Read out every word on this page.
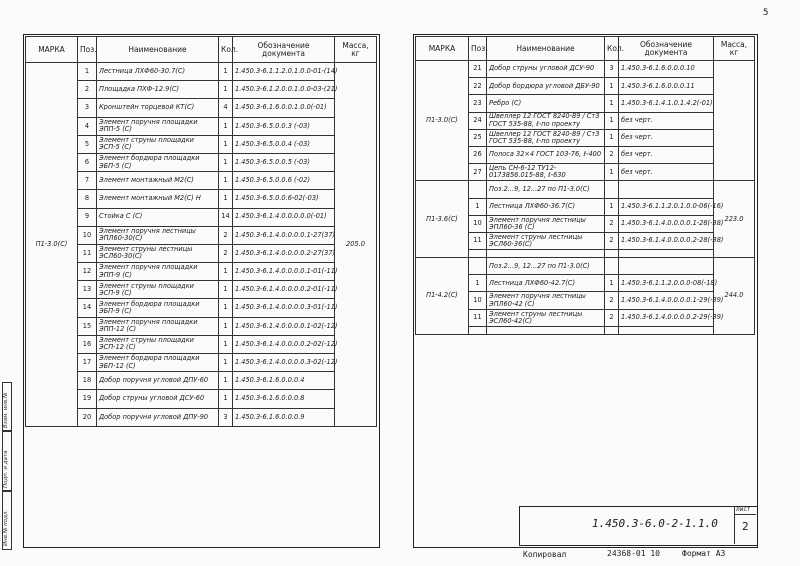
5
Взам. инв.№
Подп. и дата
Инв.№ подл.
МАРКА	Поз.	Наименование	Кол.	Обозначение документа	Масса, кг
П1-3.0(С)	1	Лестница ЛХФ60-30.7(С)	1	1.450.3-6.1.1.2.0.1.0.0-01-(14)	205.0
	2	Площадка ПХФ-12.9(С)	1	1.450.3-6.1.2.0.0.1.0.0-03-(21)	
	3	Кронштейн торцевой КТ(С)	4	1.450.3-6.1.6.0.0.1.0.0(-01)	
	4	Элемент поручня площадки ЭПП-5 (С)	1	1.450.3-6.5.0.0.3 (-03)	
	5	Элемент струны площадки ЭСП-5 (С)	1	1.450.3-6.5.0.0.4 (-03)	
	6	Элемент бордюра площадки ЭБП-5 (С)	1	1.450.3-6.5.0.0.5 (-03)	
	7	Элемент монтажный М2(С)	1	1.450.3-6.5.0.0.6 (-02)	
	8	Элемент монтажный М2(С) Н	1	1.450.3-6.5.0.0.6-02(-03)	
	9	Стойка С (С)	14	1.450.3-6.1.4.0.0.0.0.0(-01)	
	10	Элемент поручня лестницы ЭПЛ60-30(С)	2	1.450.3-6.1.4.0.0.0.0.1-27(37)	
	11	Элемент струны лестницы ЭСЛ60-30(С)	2	1.450.3-6.1.4.0.0.0.0.2-27(37)	
	12	Элемент поручня площадки ЭПП-9 (С)	1	1.450.3-6.1.4.0.0.0.0.1-01(-11)	
	13	Элемент струны площадки ЭСП-9 (С)	1	1.450.3-6.1.4.0.0.0.0.2-01(-11)	
	14	Элемент бордюра площадки ЭБП-9 (С)	1	1.450.3-6.1.4.0.0.0.0.3-01(-11)	
	15	Элемент поручня площадки ЭПП-12 (С)	1	1.450.3-6.1.4.0.0.0.0.1-02(-12)	
	16	Элемент струны площадки ЭСП-12 (С)	1	1.450.3-6.1.4.0.0.0.0.2-02(-12)	
	17	Элемент бордюра площадки ЭБП-12 (С)	1	1.450.3-6.1.4.0.0.0.0.3-02(-12)	
	18	Добор поручня угловой ДПУ-60	1	1.450.3-6.1.6.0.0.0.4	
	19	Добор струны угловой ДСУ-60	1	1.450.3-6.1.6.0.0.0.8	
	20	Добор поручня угловой ДПУ-90	3	1.450.3-6.1.6.0.0.0.9	
МАРКА	Поз.	Наименование	Кол.	Обозначение документа	Масса, кг
П1-3.0(С)	21	Добор струны угловой ДСУ-90	3	1.450.3-6.1.6.0.0.0.10	
	22	Добор бордюра угловой ДБУ-90	1	1.450.3-6.1.6.0.0.0.11	
	23	Ребро (С)	1	1.450.3-6.1.4.1.0.1.4.2(-01)	
	24	Швеллер 12 ГОСТ 8240-89 / Ст3 ГОСТ 535-88, ℓ-по проекту	1	без черт.	
	25	Швеллер 12 ГОСТ 8240-89 / Ст3 ГОСТ 535-88, ℓ-по проекту	1	без черт.	
	26	Полоса 32×4 ГОСТ 103-76, ℓ-400	2	без черт.	
	27	Цепь СН-6-12 ТУ12-0173856.015-88, ℓ-630	1	без черт.	
П1-3.6(С)		Поз.2...9, 12...27 по П1-3.0(С)			223.0
	1	Лестница ЛХФ60-36.7(С)	1	1.450.3-6.1.1.2.0.1.0.0-06(-16)	
	10	Элемент поручня лестницы ЭПЛ60-36 (С)	2	1.450.3-6.1.4.0.0.0.0.1-28(-38)	
	11	Элемент струны лестницы ЭСЛ60-36(С)	2	1.450.3-6.1.4.0.0.0.0.2-28(-38)	

П1-4.2(С)		Поз.2...9, 12...27 по П1-3.0(С)			244.0
	1	Лестница ЛХФ60-42.7(С)	1	1.450.3-6.1.1.2.0.0.0-08(-18)	
	10	Элемент поручня лестницы ЭПЛ60-42 (С)	2	1.450.3-6.1.4.0.0.0.0.1-29(-39)	
	11	Элемент струны лестницы ЭСЛ60-42(С)	2	1.450.3-6.1.4.0.0.0.0.2-29(-39)	

1.450.3-6.0-2-1.1.0
Лист
2
Копировал	24368-01 10	Формат А3
